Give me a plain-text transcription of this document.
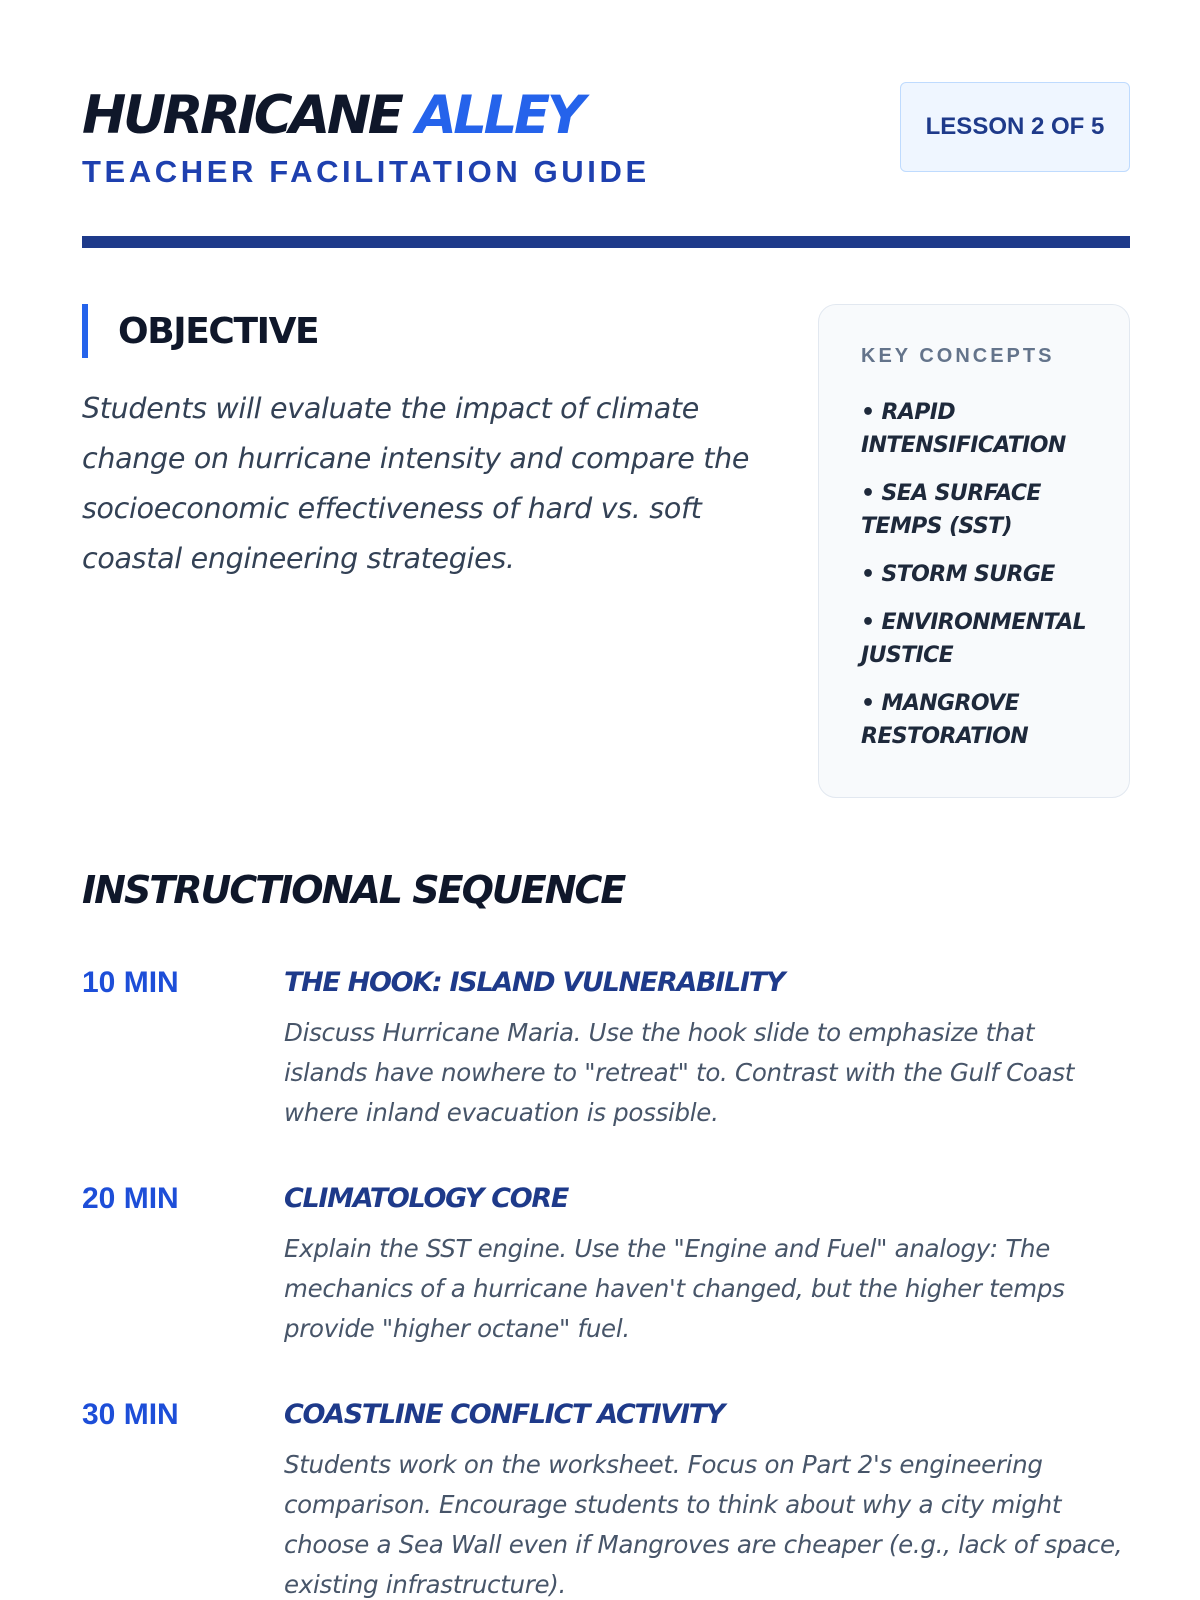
HURRICANE ALLEY
TEACHER FACILITATION GUIDE
LESSON 2 OF 5
OBJECTIVE

Students will evaluate the impact of climate change on hurricane intensity and compare the socioeconomic effectiveness of hard vs. soft coastal engineering strategies.

KEY CONCEPTS
• RAPID INTENSIFICATION
• SEA SURFACE TEMPS (SST)
• STORM SURGE
• ENVIRONMENTAL JUSTICE
• MANGROVE RESTORATION
INSTRUCTIONAL SEQUENCE
10 MIN	THE HOOK: ISLAND VULNERABILITY

Discuss Hurricane Maria. Use the hook slide to emphasize that islands have nowhere to "retreat" to. Contrast with the Gulf Coast where inland evacuation is possible.

20 MIN	CLIMATOLOGY CORE

Explain the SST engine. Use the "Engine and Fuel" analogy: The mechanics of a hurricane haven't changed, but the higher temps provide "higher octane" fuel.

30 MIN	COASTLINE CONFLICT ACTIVITY

Students work on the worksheet. Focus on Part 2's engineering comparison. Encourage students to think about why a city might choose a Sea Wall even if Mangroves are cheaper (e.g., lack of space, existing infrastructure).
